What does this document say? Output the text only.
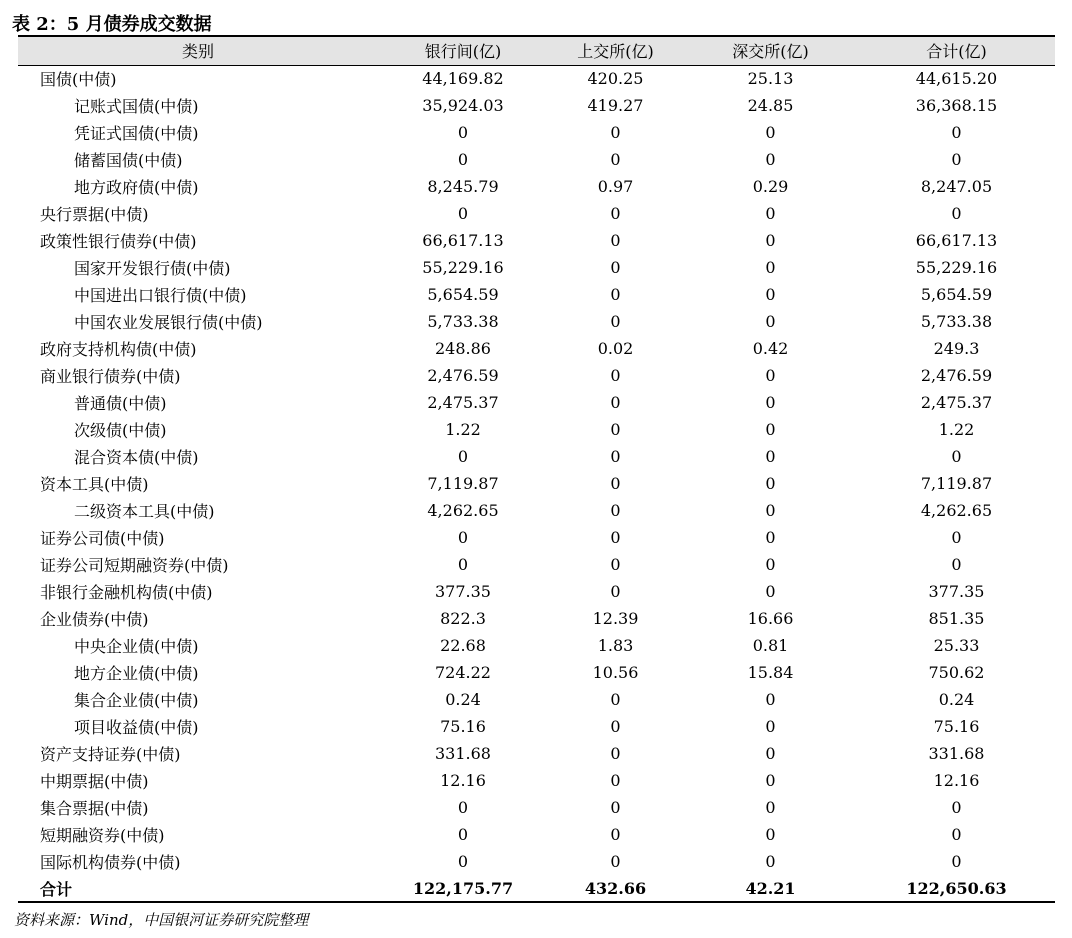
表 2：5 月债券成交数据
类别	银行间(亿)	上交所(亿)	深交所(亿)	合计(亿)
国债(中债)	44,169.82	420.25	25.13	44,615.20
记账式国债(中债)	35,924.03	419.27	24.85	36,368.15
凭证式国债(中债)	0	0	0	0
储蓄国债(中债)	0	0	0	0
地方政府债(中债)	8,245.79	0.97	0.29	8,247.05
央行票据(中债)	0	0	0	0
政策性银行债券(中债)	66,617.13	0	0	66,617.13
国家开发银行债(中债)	55,229.16	0	0	55,229.16
中国进出口银行债(中债)	5,654.59	0	0	5,654.59
中国农业发展银行债(中债)	5,733.38	0	0	5,733.38
政府支持机构债(中债)	248.86	0.02	0.42	249.3
商业银行债券(中债)	2,476.59	0	0	2,476.59
普通债(中债)	2,475.37	0	0	2,475.37
次级债(中债)	1.22	0	0	1.22
混合资本债(中债)	0	0	0	0
资本工具(中债)	7,119.87	0	0	7,119.87
二级资本工具(中债)	4,262.65	0	0	4,262.65
证券公司债(中债)	0	0	0	0
证券公司短期融资券(中债)	0	0	0	0
非银行金融机构债(中债)	377.35	0	0	377.35
企业债券(中债)	822.3	12.39	16.66	851.35
中央企业债(中债)	22.68	1.83	0.81	25.33
地方企业债(中债)	724.22	10.56	15.84	750.62
集合企业债(中债)	0.24	0	0	0.24
项目收益债(中债)	75.16	0	0	75.16
资产支持证券(中债)	331.68	0	0	331.68
中期票据(中债)	12.16	0	0	12.16
集合票据(中债)	0	0	0	0
短期融资券(中债)	0	0	0	0
国际机构债券(中债)	0	0	0	0
合计	122,175.77	432.66	42.21	122,650.63
资料来源：Wind，中国银河证券研究院整理
